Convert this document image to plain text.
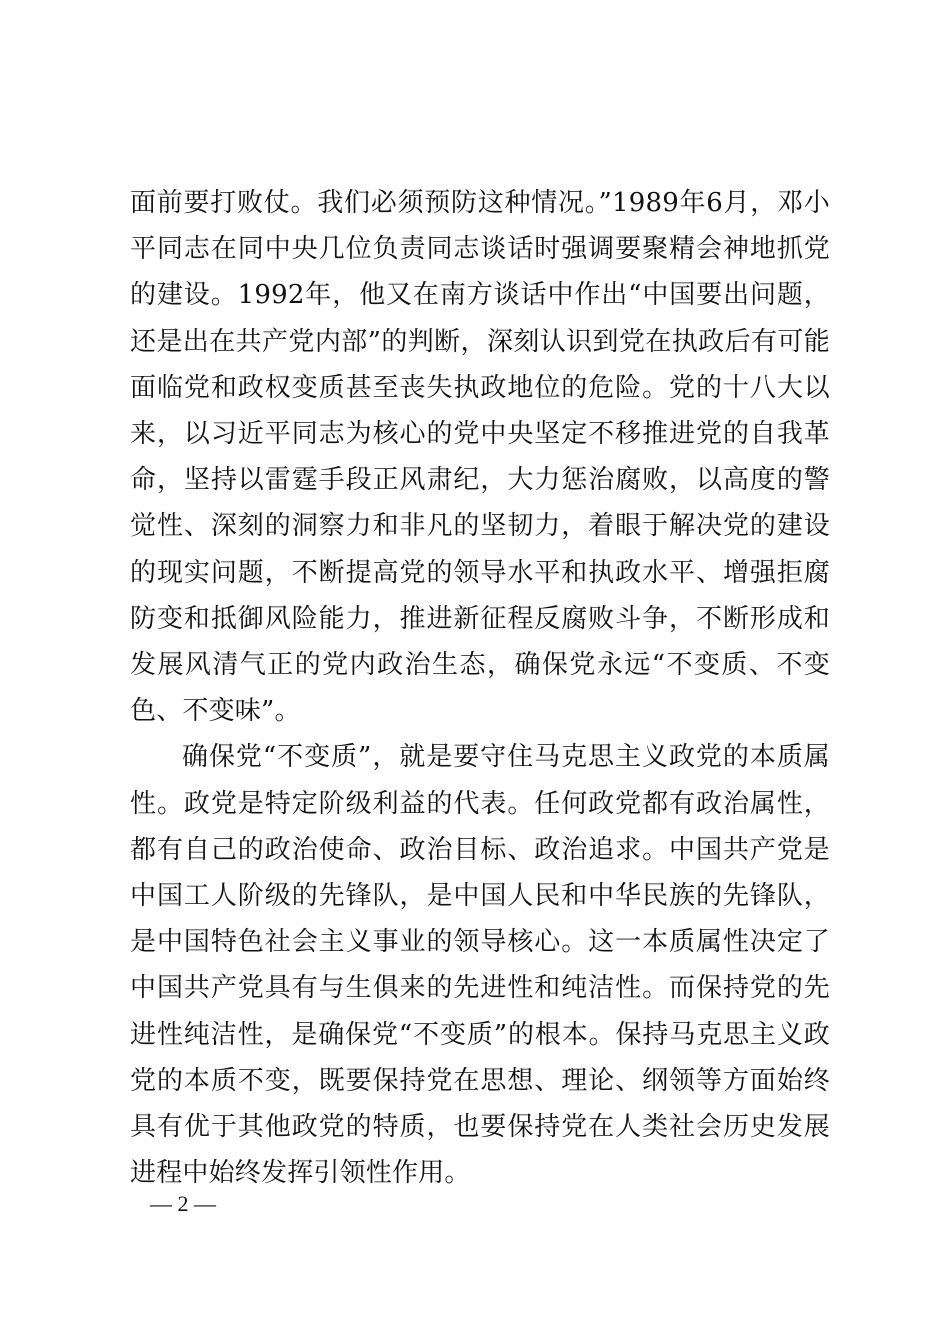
面前要打败仗。我们必须预防这种情况。”1989年6月，邓小平同志在同中央几位负责同志谈话时强调要聚精会神地抓党的建设。1992年，他又在南方谈话中作出“中国要出问题，还是出在共产党内部”的判断，深刻认识到党在执政后有可能面临党和政权变质甚至丧失执政地位的危险。党的十八大以来，以习近平同志为核心的党中央坚定不移推进党的自我革命，坚持以雷霆手段正风肃纪，大力惩治腐败，以高度的警觉性、深刻的洞察力和非凡的坚韧力，着眼于解决党的建设的现实问题，不断提高党的领导水平和执政水平、增强拒腐防变和抵御风险能力，推进新征程反腐败斗争，不断形成和发展风清气正的党内政治生态，确保党永远“不变质、不变色、不变味”。

确保党“不变质”，就是要守住马克思主义政党的本质属性。政党是特定阶级利益的代表。任何政党都有政治属性，都有自己的政治使命、政治目标、政治追求。中国共产党是中国工人阶级的先锋队，是中国人民和中华民族的先锋队，是中国特色社会主义事业的领导核心。这一本质属性决定了中国共产党具有与生俱来的先进性和纯洁性。而保持党的先进性纯洁性，是确保党“不变质”的根本。保持马克思主义政党的本质不变，既要保持党在思想、理论、纲领等方面始终具有优于其他政党的特质，也要保持党在人类社会历史发展进程中始终发挥引领性作用。

— 2 —
